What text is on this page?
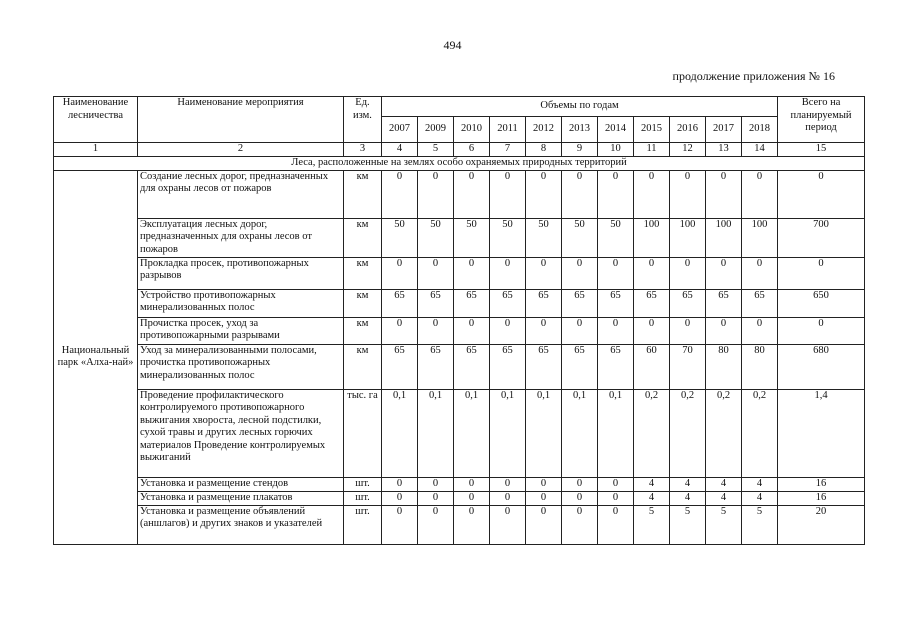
494
продолжение приложения № 16
Наименование лесничества	Наименование мероприятия	Ед. изм.	Объемы по годам											Всего на планируемый период
			2007	2009	2010	2011	2012	2013	2014	2015	2016	2017	2018	
1	2	3	4	5	6	7	8	9	10	11	12	13	14	15
Леса, расположенные на землях особо охраняемых природных территорий														
Национальный парк «Алха-най»	Создание лесных дорог, предназначенных для охраны лесов от пожаров	км	0	0	0	0	0	0	0	0	0	0	0	0
	Эксплуатация лесных дорог, предназначенных для охраны лесов от пожаров	км	50	50	50	50	50	50	50	100	100	100	100	700
	Прокладка просек, противопожарных разрывов	км	0	0	0	0	0	0	0	0	0	0	0	0
	Устройство противопожарных минерализованных полос	км	65	65	65	65	65	65	65	65	65	65	65	650
	Прочистка просек, уход за противопожарными разрывами	км	0	0	0	0	0	0	0	0	0	0	0	0
	Уход за минерализованными полосами, прочистка противопожарных минерализованных полос	км	65	65	65	65	65	65	65	60	70	80	80	680
	Проведение профилактического контролируемого противопожарного выжигания хвороста, лесной подстилки, сухой травы и других лесных горючих материалов Проведение контролируемых выжиганий	тыс. га	0,1	0,1	0,1	0,1	0,1	0,1	0,1	0,2	0,2	0,2	0,2	1,4
	Установка и размещение стендов	шт.	0	0	0	0	0	0	0	4	4	4	4	16
	Установка и размещение плакатов	шт.	0	0	0	0	0	0	0	4	4	4	4	16
	Установка и размещение объявлений (аншлагов) и других знаков и указателей	шт.	0	0	0	0	0	0	0	5	5	5	5	20
